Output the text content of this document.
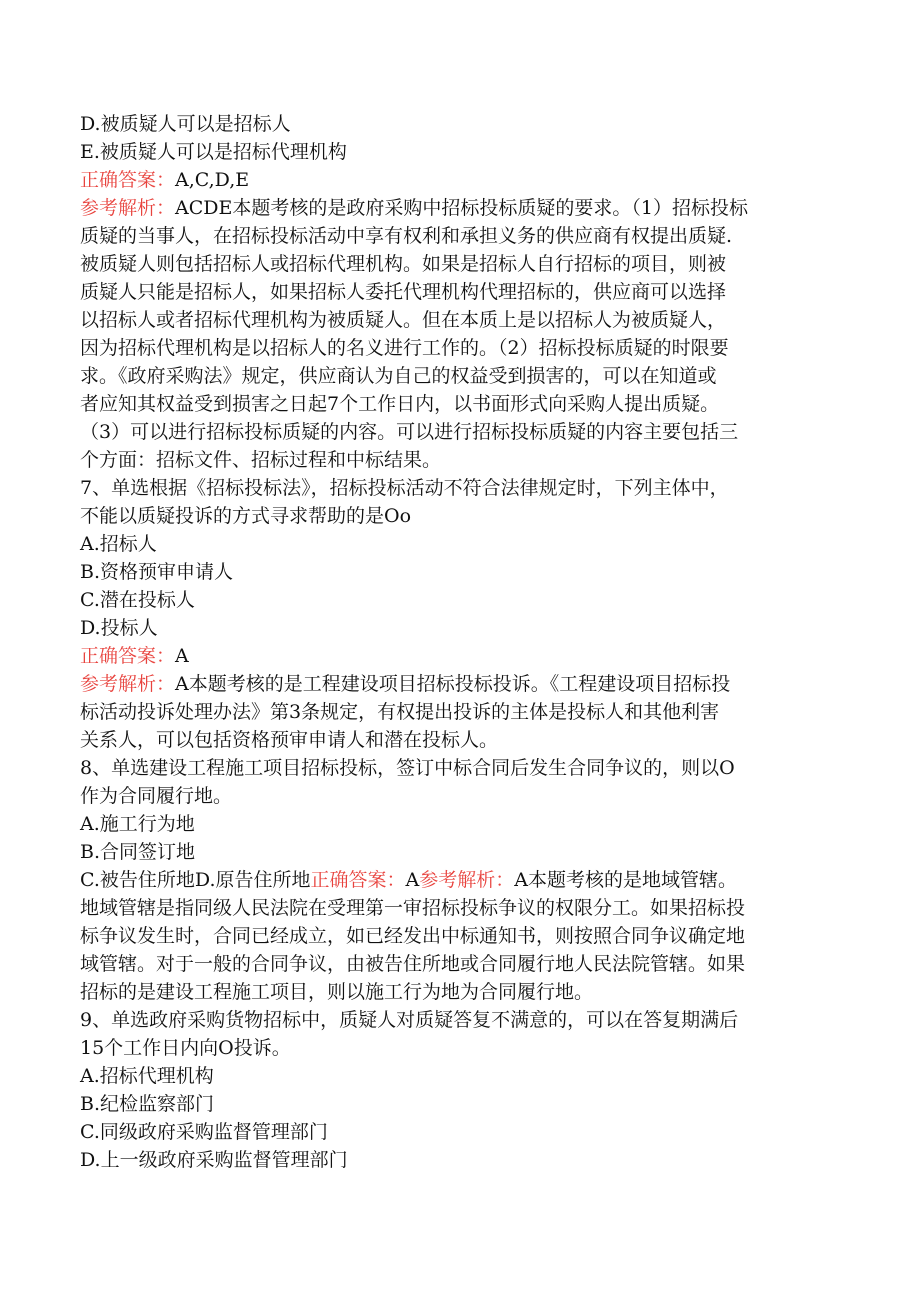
D.被质疑人可以是招标人
E.被质疑人可以是招标代理机构
正确答案：A,C,D,E
参考解析：ACDE本题考核的是政府采购中招标投标质疑的要求。（1）招标投标
质疑的当事人，在招标投标活动中享有权利和承担义务的供应商有权提出质疑.
被质疑人则包括招标人或招标代理机构。如果是招标人自行招标的项目，则被
质疑人只能是招标人，如果招标人委托代理机构代理招标的，供应商可以选择
以招标人或者招标代理机构为被质疑人。但在本质上是以招标人为被质疑人，
因为招标代理机构是以招标人的名义进行工作的。（2）招标投标质疑的时限要
求。《政府采购法》规定，供应商认为自己的权益受到损害的，可以在知道或
者应知其权益受到损害之日起7个工作日内，以书面形式向采购人提出质疑。
（3）可以进行招标投标质疑的内容。可以进行招标投标质疑的内容主要包括三
个方面：招标文件、招标过程和中标结果。
7、单选根据《招标投标法》，招标投标活动不符合法律规定时，下列主体中，
不能以质疑投诉的方式寻求帮助的是Oo
A.招标人
B.资格预审申请人
C.潜在投标人
D.投标人
正确答案：A
参考解析：A本题考核的是工程建设项目招标投标投诉。《工程建设项目招标投
标活动投诉处理办法》第3条规定，有权提出投诉的主体是投标人和其他利害
关系人，可以包括资格预审申请人和潜在投标人。
8、单选建设工程施工项目招标投标，签订中标合同后发生合同争议的，则以O
作为合同履行地。
A.施工行为地
B.合同签订地
C.被告住所地D.原告住所地正确答案：A参考解析：A本题考核的是地域管辖。
地域管辖是指同级人民法院在受理第一审招标投标争议的权限分工。如果招标投
标争议发生时，合同已经成立，如已经发出中标通知书，则按照合同争议确定地
域管辖。对于一般的合同争议，由被告住所地或合同履行地人民法院管辖。如果
招标的是建设工程施工项目，则以施工行为地为合同履行地。
9、单选政府采购货物招标中，质疑人对质疑答复不满意的，可以在答复期满后
15个工作日内向O投诉。
A.招标代理机构
B.纪检监察部门
C.同级政府采购监督管理部门
D.上一级政府采购监督管理部门
